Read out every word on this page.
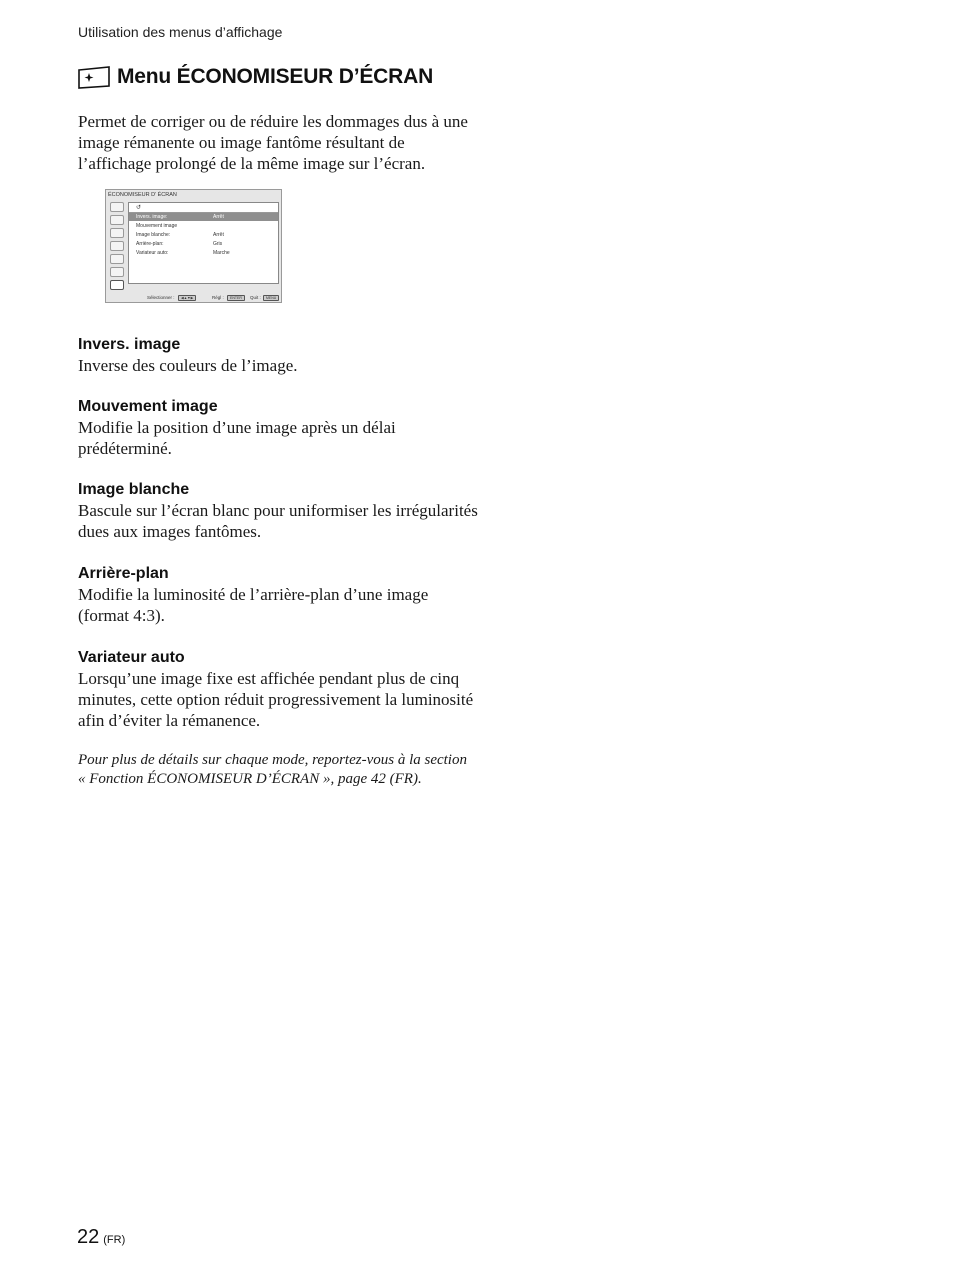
Utilisation des menus d’affichage
Menu ÉCONOMISEUR D’ÉCRAN
Permet de corriger ou de réduire les dommages dus à une image rémanente ou image fantôme résultant de l’affichage prolongé de la même image sur l’écran.
ÉCONOMISEUR D’ ÉCRAN
↺
Invers. image:	Arrêt
Mouvement image
Image blanche:	Arrêt
Arrière-plan:	Gris
Variateur auto:	Marche
Sélectionner :	◀▲▼▶	Régl :	ENTER	Quit :	MENU
Invers. image

Inverse des couleurs de l’image.

Mouvement image

Modifie la position d’une image après un délai prédéterminé.

Image blanche

Bascule sur l’écran blanc pour uniformiser les irrégularités dues aux images fantômes.

Arrière-plan

Modifie la luminosité de l’arrière-plan d’une image (format 4:3).

Variateur auto

Lorsqu’une image fixe est affichée pendant plus de cinq minutes, cette option réduit progressivement la luminosité afin d’éviter la rémanence.

Pour plus de détails sur chaque mode, reportez-vous à la section « Fonction ÉCONOMISEUR D’ÉCRAN », page 42 (FR).
22 (FR)
